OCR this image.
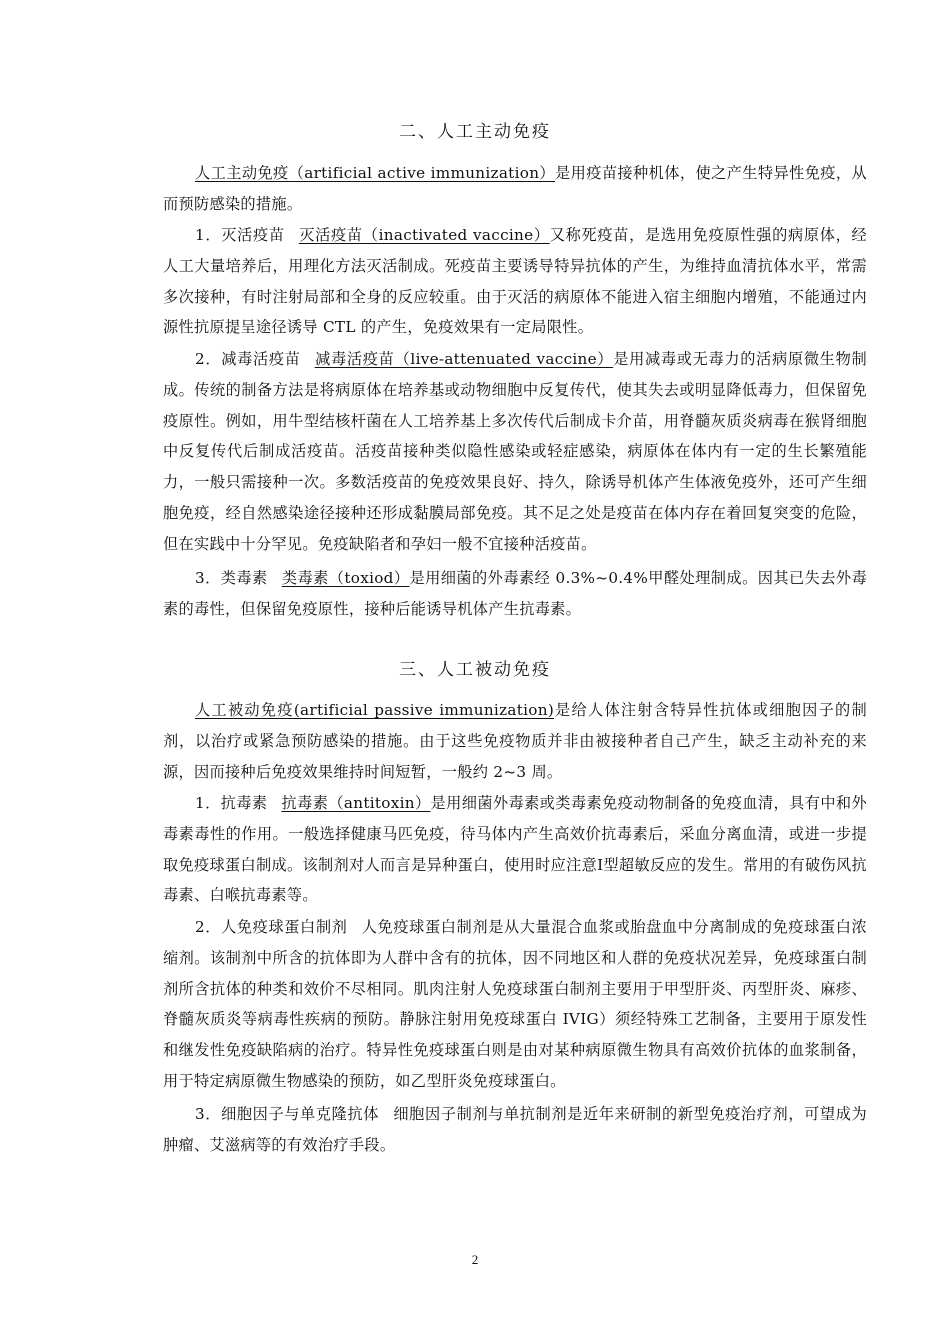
二、人工主动免疫

人工主动免疫（artificial active immunization）是用疫苗接种机体，使之产生特异性免疫，从而预防感染的措施。

1．灭活疫苗 灭活疫苗（inactivated vaccine）又称死疫苗，是选用免疫原性强的病原体，经人工大量培养后，用理化方法灭活制成。死疫苗主要诱导特异抗体的产生，为维持血清抗体水平，常需多次接种，有时注射局部和全身的反应较重。由于灭活的病原体不能进入宿主细胞内增殖，不能通过内源性抗原提呈途径诱导 CTL 的产生，免疫效果有一定局限性。

2．减毒活疫苗 减毒活疫苗（live-attenuated vaccine）是用减毒或无毒力的活病原微生物制成。传统的制备方法是将病原体在培养基或动物细胞中反复传代，使其失去或明显降低毒力，但保留免疫原性。例如，用牛型结核杆菌在人工培养基上多次传代后制成卡介苗，用脊髓灰质炎病毒在猴肾细胞中反复传代后制成活疫苗。活疫苗接种类似隐性感染或轻症感染，病原体在体内有一定的生长繁殖能力，一般只需接种一次。多数活疫苗的免疫效果良好、持久，除诱导机体产生体液免疫外，还可产生细胞免疫，经自然感染途径接种还形成黏膜局部免疫。其不足之处是疫苗在体内存在着回复突变的危险，但在实践中十分罕见。免疫缺陷者和孕妇一般不宜接种活疫苗。

3．类毒素 类毒素（toxiod）是用细菌的外毒素经 0.3%~0.4%甲醛处理制成。因其已失去外毒素的毒性，但保留免疫原性，接种后能诱导机体产生抗毒素。

三、人工被动免疫

人工被动免疫(artificial passive immunization)是给人体注射含特异性抗体或细胞因子的制剂，以治疗或紧急预防感染的措施。由于这些免疫物质并非由被接种者自己产生，缺乏主动补充的来源，因而接种后免疫效果维持时间短暂，一般约 2~3 周。

1．抗毒素 抗毒素（antitoxin）是用细菌外毒素或类毒素免疫动物制备的免疫血清，具有中和外毒素毒性的作用。一般选择健康马匹免疫，待马体内产生高效价抗毒素后，采血分离血清，或进一步提取免疫球蛋白制成。该制剂对人而言是异种蛋白，使用时应注意Ⅰ型超敏反应的发生。常用的有破伤风抗毒素、白喉抗毒素等。

2．人免疫球蛋白制剂 人免疫球蛋白制剂是从大量混合血浆或胎盘血中分离制成的免疫球蛋白浓缩剂。该制剂中所含的抗体即为人群中含有的抗体，因不同地区和人群的免疫状况差异，免疫球蛋白制剂所含抗体的种类和效价不尽相同。肌肉注射人免疫球蛋白制剂主要用于甲型肝炎、丙型肝炎、麻疹、脊髓灰质炎等病毒性疾病的预防。静脉注射用免疫球蛋白 IVIG）须经特殊工艺制备，主要用于原发性和继发性免疫缺陷病的治疗。特异性免疫球蛋白则是由对某种病原微生物具有高效价抗体的血浆制备，用于特定病原微生物感染的预防，如乙型肝炎免疫球蛋白。

3．细胞因子与单克隆抗体 细胞因子制剂与单抗制剂是近年来研制的新型免疫治疗剂，可望成为肿瘤、艾滋病等的有效治疗手段。

2
